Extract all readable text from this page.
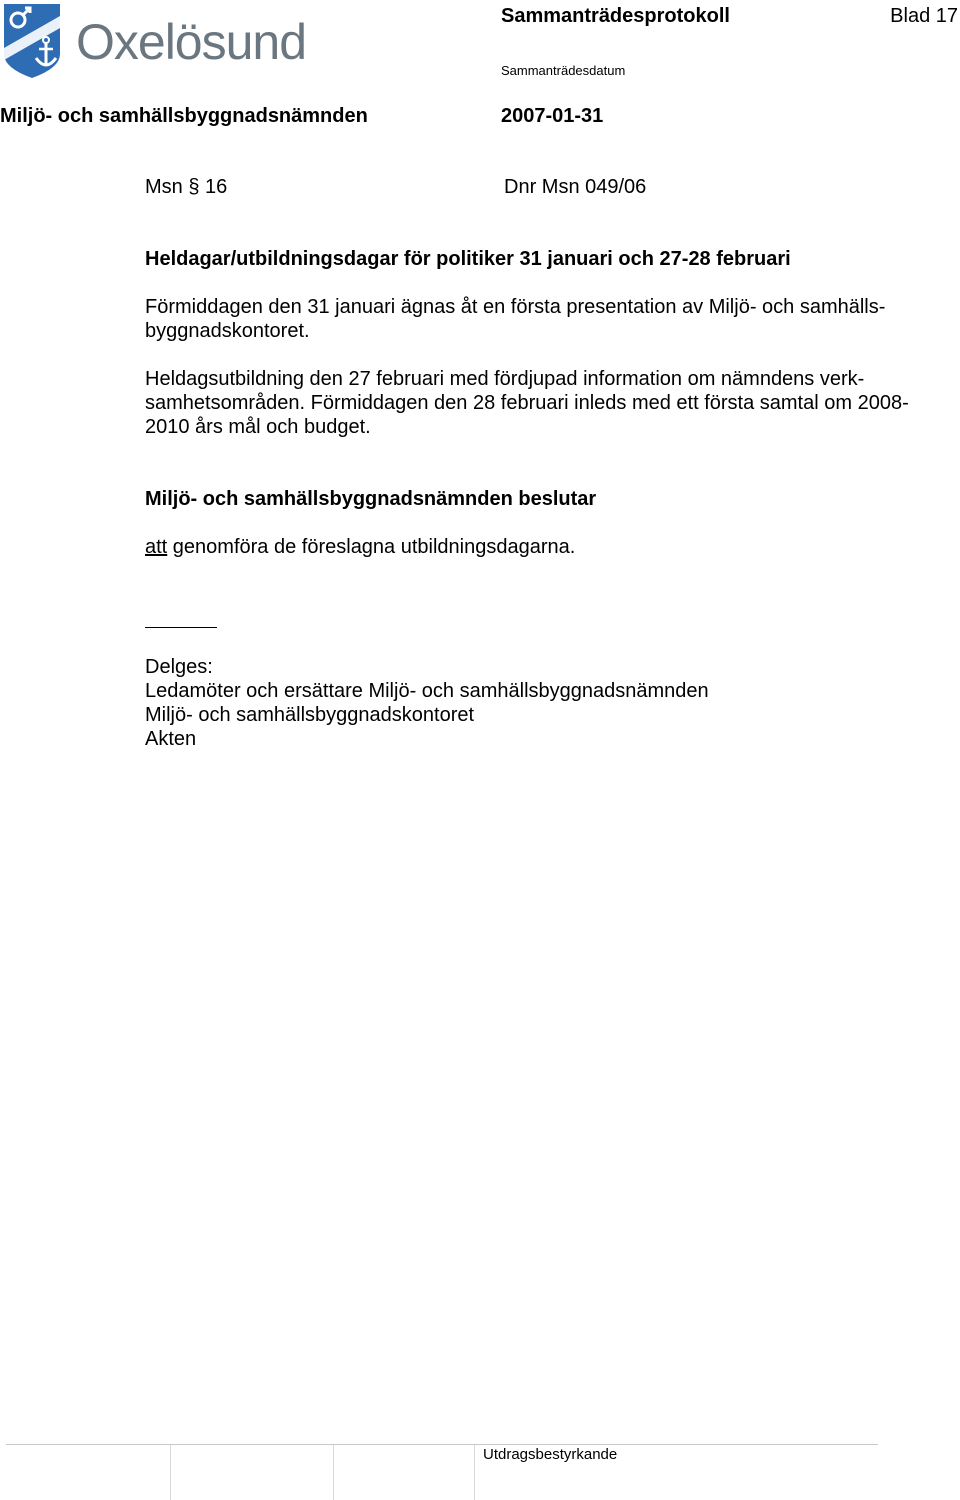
Oxelösund	Sammanträdesprotokoll	Blad 17
Sammanträdesdatum
Miljö- och samhällsbyggnadsnämnden	2007-01-31
Msn § 16	Dnr Msn 049/06
Heldagar/utbildningsdagar för politiker 31 januari och 27-28 februari
Förmiddagen den 31 januari ägnas åt en första presentation av Miljö- och samhälls-byggnadskontoret.
Heldagsutbildning den 27 februari med fördjupad information om nämndens verk-samhetsområden. Förmiddagen den 28 februari inleds med ett första samtal om 2008-2010 års mål och budget.
Miljö- och samhällsbyggnadsnämnden beslutar
att genomföra de föreslagna utbildningsdagarna.
Delges:
Ledamöter och ersättare Miljö- och samhällsbyggnadsnämnden
Miljö- och samhällsbyggnadskontoret
Akten
Utdragsbestyrkande
